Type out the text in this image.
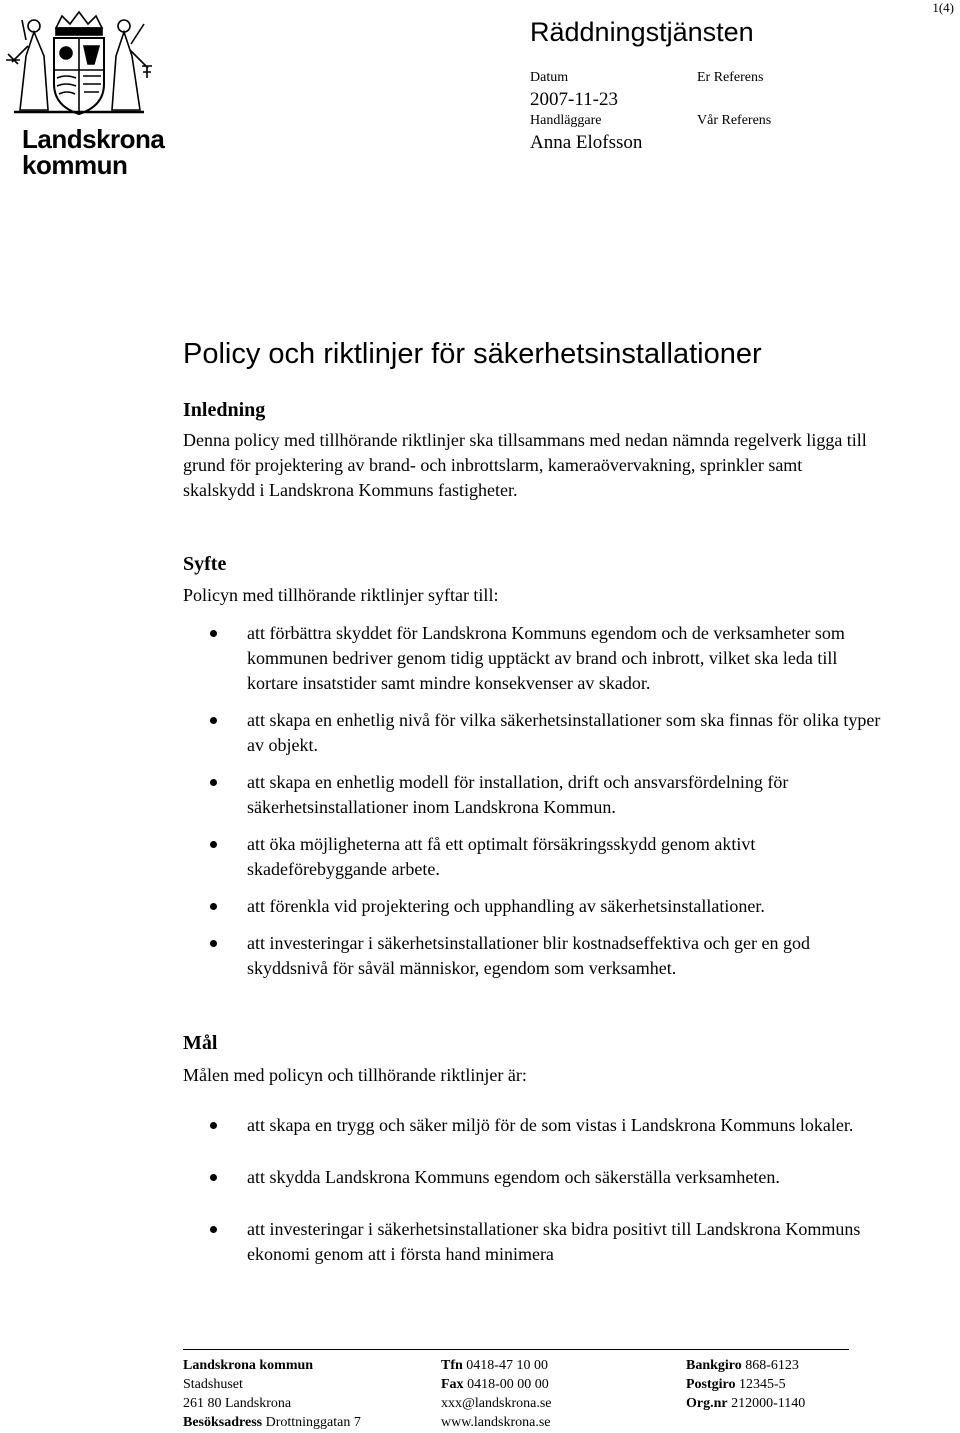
Landskrona
kommun
1(4)
Räddningstjänsten
Datum
2007-11-23
Handläggare
Anna Elofsson
Er Referens
Vår Referens
Policy och riktlinjer för säkerhetsinstallationer
Inledning
Denna policy med tillhörande riktlinjer ska tillsammans med nedan nämnda regelverk ligga till grund för projektering av brand- och inbrottslarm, kameraövervakning, sprinkler samt skalskydd i Landskrona Kommuns fastigheter.
Syfte
Policyn med tillhörande riktlinjer syftar till:
att förbättra skyddet för Landskrona Kommuns egendom och de verksamheter som kommunen bedriver genom tidig upptäckt av brand och inbrott, vilket ska leda till kortare insatstider samt mindre konsekvenser av skador.
att skapa en enhetlig nivå för vilka säkerhetsinstallationer som ska finnas för olika typer av objekt.
att skapa en enhetlig modell för installation, drift och ansvarsfördelning för säkerhetsinstallationer inom Landskrona Kommun.
att öka möjligheterna att få ett optimalt försäkringsskydd genom aktivt skadeförebyggande arbete.
att förenkla vid projektering och upphandling av säkerhetsinstallationer.
att investeringar i säkerhetsinstallationer blir kostnadseffektiva och ger en god skyddsnivå för såväl människor, egendom som verksamhet.
Mål
Målen med policyn och tillhörande riktlinjer är:
att skapa en trygg och säker miljö för de som vistas i Landskrona Kommuns lokaler.
att skydda Landskrona Kommuns egendom och säkerställa verksamheten.
att investeringar i säkerhetsinstallationer ska bidra positivt till Landskrona Kommuns ekonomi genom att i första hand minimera
Landskrona kommun
Stadshuset
261 80 Landskrona
Besöksadress Drottninggatan 7
Tfn 0418-47 10 00
Fax 0418-00 00 00
xxx@landskrona.se
www.landskrona.se
Bankgiro 868-6123
Postgiro 12345-5
Org.nr 212000-1140
